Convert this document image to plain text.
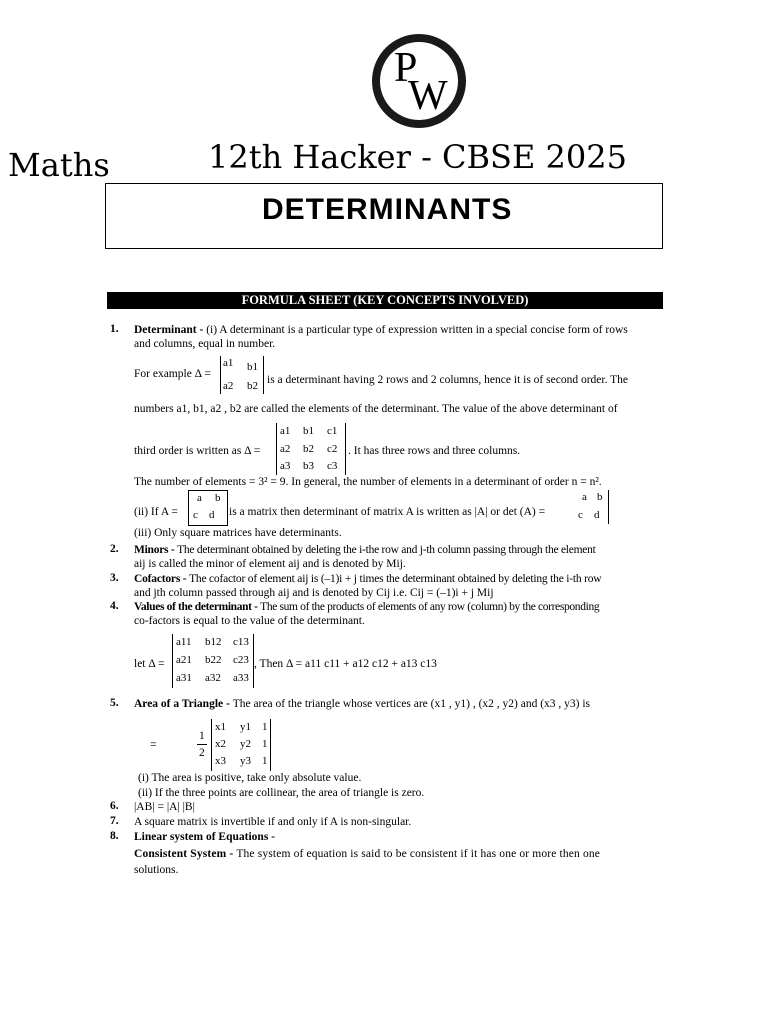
P
W
Maths	12th Hacker - CBSE 2025
DETERMINANTS
FORMULA SHEET (KEY CONCEPTS INVOLVED)
1. Determinant - (i) A determinant is a particular type of expression written in a special concise form of rows
and columns, equal in number.
For example Δ =
a1 b1
a2 b2 is a determinant having 2 rows and 2 columns, hence it is of second order. The
numbers a1, b1, a2 , b2 are called the elements of the determinant. The value of the above determinant of
third order is written as Δ =
a1 b1 c1
a2 b2 c2
a3 b3 c3
. It has three rows and three columns.
The number of elements = 3² = 9. In general, the number of elements in a determinant of order n = n².
(ii) If A =
a b
c d is a matrix then determinant of matrix A is written as |A| or det (A) =
a b
c d
(iii) Only square matrices have determinants.
2. Minors - The determinant obtained by deleting the i-the row and j-th column passing through the element
aij is called the minor of element aij and is denoted by Mij.
3. Cofactors - The cofactor of element aij is (–1)i + j times the determinant obtained by deleting the i-th row
and jth column passed through aij and is denoted by Cij i.e. Cij = (–1)i + j Mij
4. Values of the determinant - The sum of the products of elements of any row (column) by the corresponding
co-factors is equal to the value of the determinant.
let Δ =
a11 b12 c13
a21 b22 c23
a31 a32 a33
, Then Δ = a11 c11 + a12 c12 + a13 c13
5. Area of a Triangle - The area of the triangle whose vertices are (x1 , y1) , (x2 , y2) and (x3 , y3) is
=
1
2
x1 y1 1
x2 y2 1
x3 y3 1
(i) The area is positive, take only absolute value.
(ii) If the three points are collinear, the area of triangle is zero.
6. |AB| = |A| |B|
7. A square matrix is invertible if and only if A is non-singular.
8. Linear system of Equations -
Consistent System - The system of equation is said to be consistent if it has one or more then one
solutions.
